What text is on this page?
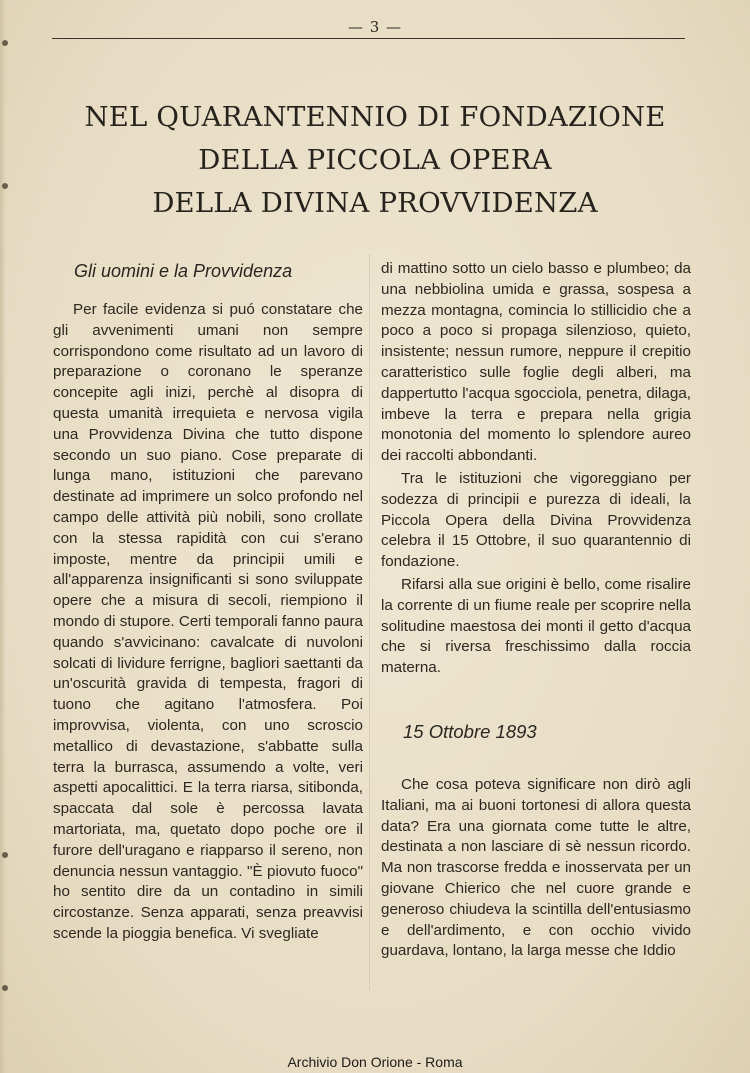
— 3 —
NEL QUARANTENNIO DI FONDAZIONE
DELLA PICCOLA OPERA
DELLA DIVINA PROVVIDENZA
Gli uomini e la Provvidenza

Per facile evidenza si puó constatare che gli avvenimenti umani non sempre corrispondono come risultato ad un lavoro di preparazione o coronano le speranze concepite agli inizi, perchè al disopra di questa umanità irrequieta e nervosa vigila una Provvidenza Divina che tutto dispone secondo un suo piano. Cose preparate di lunga mano, istituzioni che parevano destinate ad imprimere un solco profondo nel campo delle attività più nobili, sono crollate con la stessa rapidità con cui s'erano imposte, mentre da principii umili e all'apparenza insignificanti si sono sviluppate opere che a misura di secoli, riempiono il mondo di stupore. Certi temporali fanno paura quando s'avvicinano: cavalcate di nuvoloni solcati di lividure ferrigne, bagliori saettanti da un'oscurità gravida di tempesta, fragori di tuono che agitano l'atmosfera. Poi improvvisa, violenta, con uno scroscio metallico di devastazione, s'abbatte sulla terra la burrasca, assumendo a volte, veri aspetti apocalittici. E la terra riarsa, sitibonda, spaccata dal sole è percossa lavata martoriata, ma, quetato dopo poche ore il furore dell'uragano e riapparso il sereno, non denuncia nessun vantaggio. "È piovuto fuoco" ho sentito dire da un contadino in simili circostanze. Senza apparati, senza preavvisi scende la pioggia benefica. Vi svegliate

di mattino sotto un cielo basso e plumbeo; da una nebbiolina umida e grassa, sospesa a mezza montagna, comincia lo stillicidio che a poco a poco si propaga silenzioso, quieto, insistente; nessun rumore, neppure il crepitio caratteristico sulle foglie degli alberi, ma dappertutto l'acqua sgocciola, penetra, dilaga, imbeve la terra e prepara nella grigia monotonia del momento lo splendore aureo dei raccolti abbondanti.

Tra le istituzioni che vigoreggiano per sodezza di principii e purezza di ideali, la Piccola Opera della Divina Provvidenza celebra il 15 Ottobre, il suo quarantennio di fondazione.

Rifarsi alla sue origini è bello, come risalire la corrente di un fiume reale per scoprire nella solitudine maestosa dei monti il getto d'acqua che si riversa freschissimo dalla roccia materna.

15 Ottobre 1893

Che cosa poteva significare non dirò agli Italiani, ma ai buoni tortonesi di allora questa data? Era una giornata come tutte le altre, destinata a non lasciare di sè nessun ricordo. Ma non trascorse fredda e inosservata per un giovane Chierico che nel cuore grande e generoso chiudeva la scintilla dell'entusiasmo e dell'ardimento, e con occhio vivido guardava, lontano, la larga messe che Iddio

Archivio Don Orione - Roma
